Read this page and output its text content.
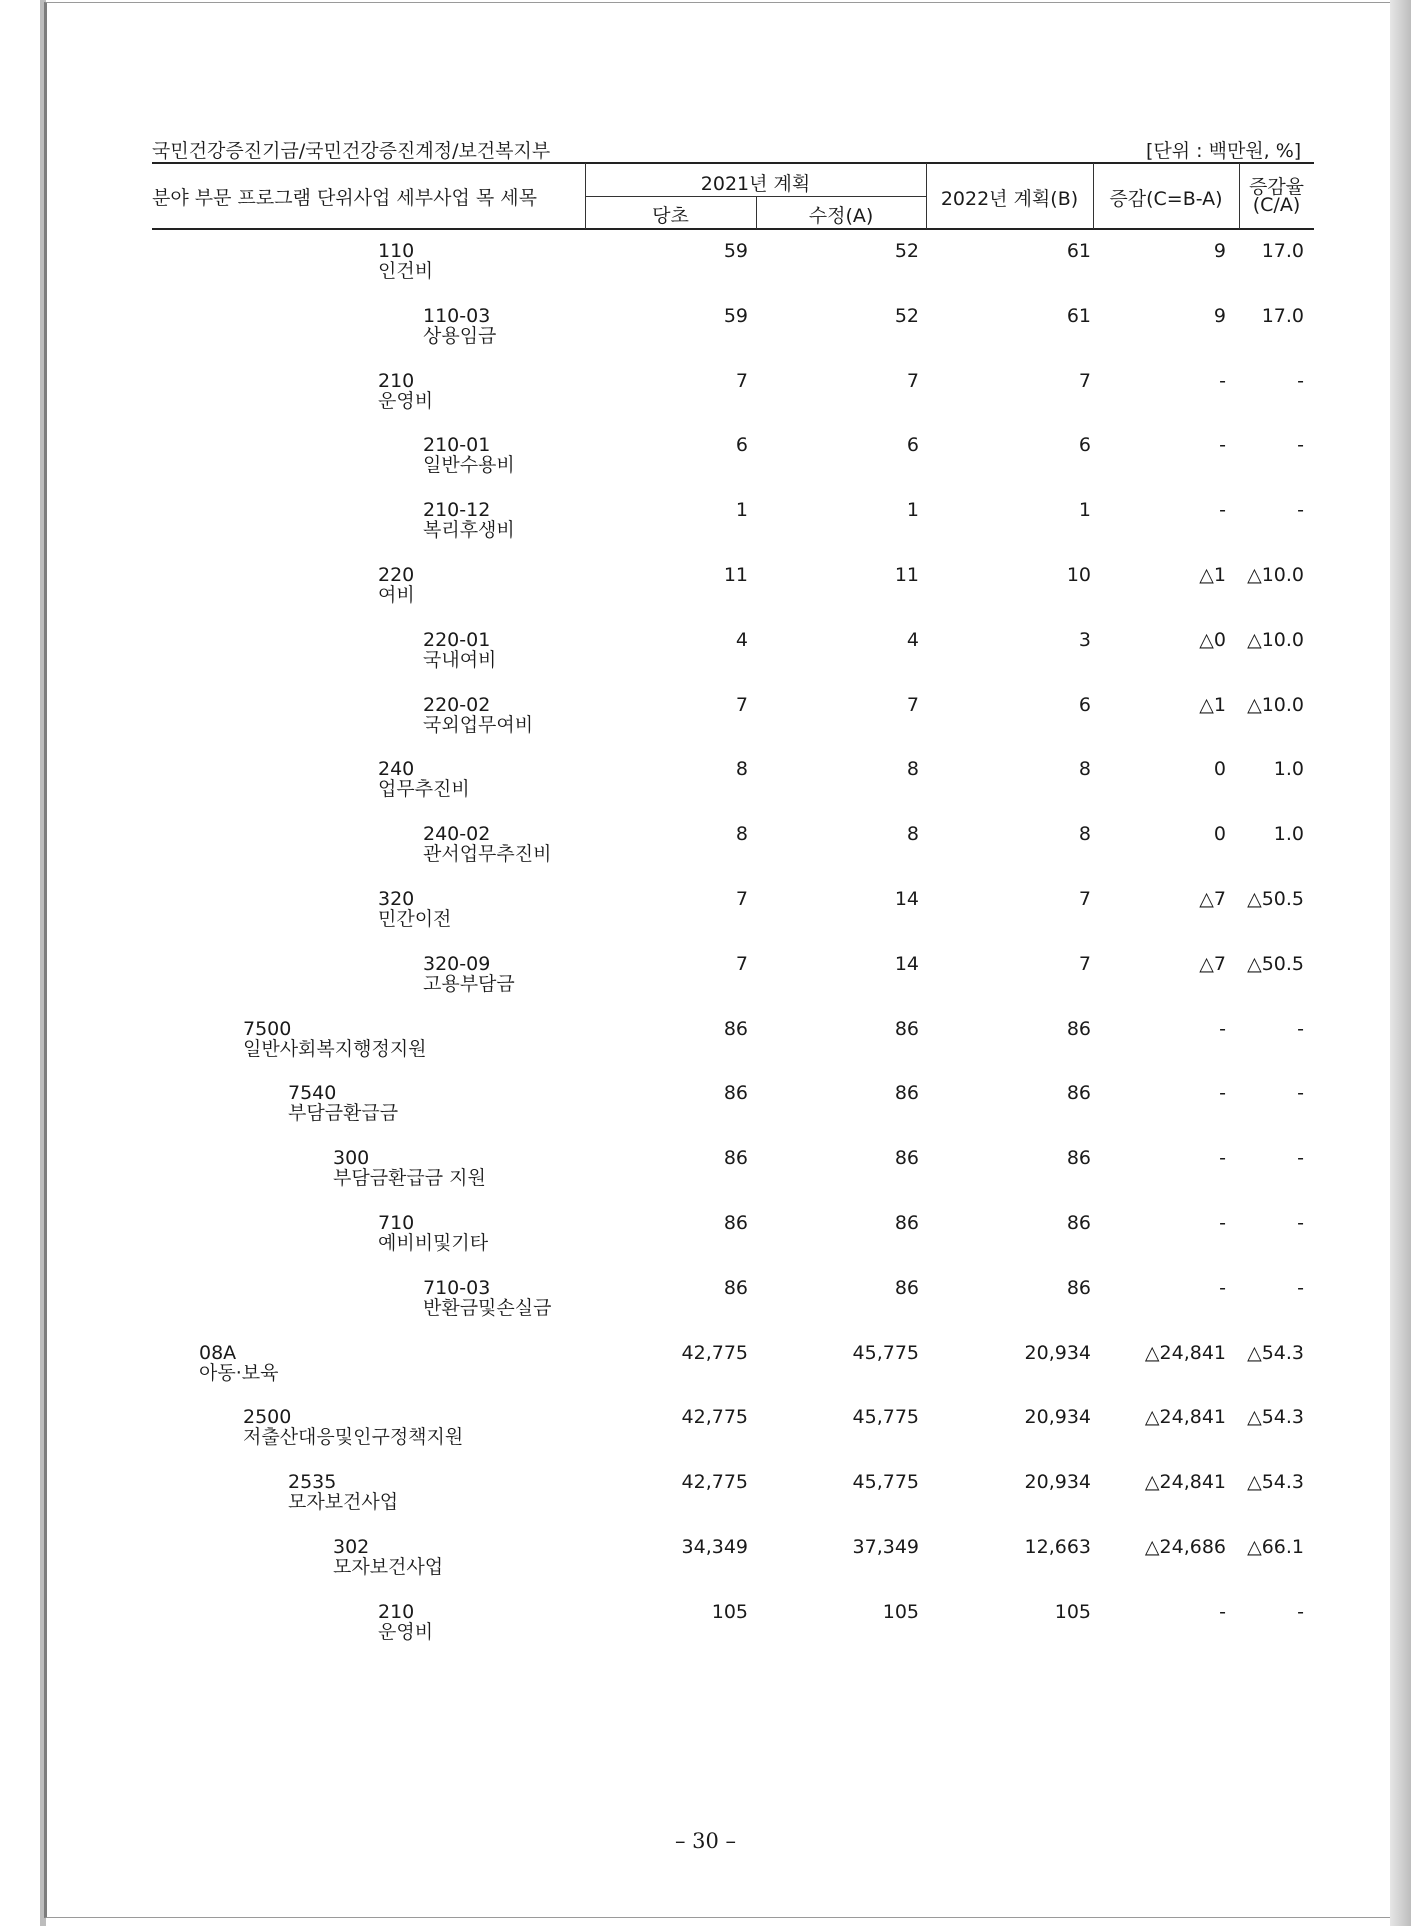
국민건강증진기금/국민건강증진계정/보건복지부	[단위 : 백만원, %]
분야 부문 프로그램 단위사업 세부사업 목 세목
2021년 계획
당초	수정(A)
2022년 계획(B)	증감(C=B-A)
증감율
(C/A)
110
인건비
59	52	61	9 17.0
110-03
상용임금
59	52	61	9 17.0
210
운영비
7	7	7	-	-
210-01
일반수용비
6	6	6	-	-
210-12
복리후생비
1	1	1	-	-
220
여비
11	11	10	△1 △10.0
220-01
국내여비
4	4	3	△0 △10.0
220-02
국외업무여비
7	7	6	△1 △10.0
240
업무추진비
8	8	8	0	1.0
240-02
관서업무추진비
8	8	8	0	1.0
320
민간이전
7	14	7	△7 △50.5
320-09
고용부담금
7	14	7	△7 △50.5
7500
일반사회복지행정지원
86	86	86	-	-
7540
부담금환급금
86	86	86	-	-
300
부담금환급금 지원
86	86	86	-	-
710
예비비및기타
86	86	86	-	-
710-03
반환금및손실금
86	86	86	-	-
08A
아동·보육
42,775	45,775	20,934	△24,841 △54.3
2500
저출산대응및인구정책지원
42,775	45,775	20,934	△24,841 △54.3
2535
모자보건사업
42,775	45,775	20,934	△24,841 △54.3
302
모자보건사업
34,349	37,349	12,663	△24,686 △66.1
210
운영비
105	105	105	-	-
– 30 –
